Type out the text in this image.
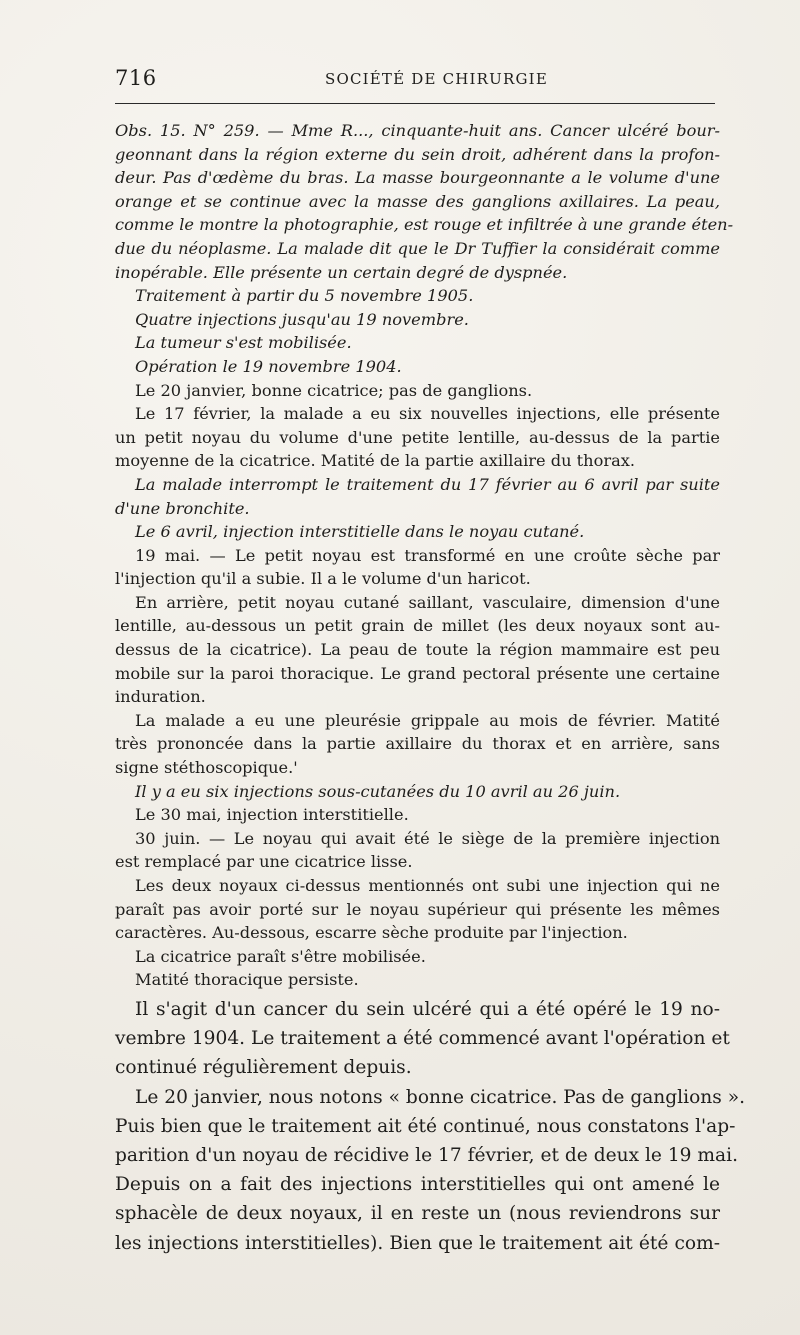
716	SOCIÉTÉ DE CHIRURGIE
Obs. 15. N° 259. — Mme R..., cinquante-huit ans. Cancer ulcéré bour-
geonnant dans la région externe du sein droit, adhérent dans la profon-
deur. Pas d'œdème du bras. La masse bourgeonnante a le volume d'une
orange et se continue avec la masse des ganglions axillaires. La peau,
comme le montre la photographie, est rouge et infiltrée à une grande éten-
due du néoplasme. La malade dit que le Dr Tuffier la considérait comme
inopérable. Elle présente un certain degré de dyspnée.
Traitement à partir du 5 novembre 1905.
Quatre injections jusqu'au 19 novembre.
La tumeur s'est mobilisée.
Opération le 19 novembre 1904.
Le 20 janvier, bonne cicatrice; pas de ganglions.
Le 17 février, la malade a eu six nouvelles injections, elle présente
un petit noyau du volume d'une petite lentille, au-dessus de la partie
moyenne de la cicatrice. Matité de la partie axillaire du thorax.
La malade interrompt le traitement du 17 février au 6 avril par suite
d'une bronchite.
Le 6 avril, injection interstitielle dans le noyau cutané.
19 mai. — Le petit noyau est transformé en une croûte sèche par
l'injection qu'il a subie. Il a le volume d'un haricot.
En arrière, petit noyau cutané saillant, vasculaire, dimension d'une
lentille, au-dessous un petit grain de millet (les deux noyaux sont au-
dessus de la cicatrice). La peau de toute la région mammaire est peu
mobile sur la paroi thoracique. Le grand pectoral présente une certaine
induration.
La malade a eu une pleurésie grippale au mois de février. Matité
très prononcée dans la partie axillaire du thorax et en arrière, sans
signe stéthoscopique.'
Il y a eu six injections sous-cutanées du 10 avril au 26 juin.
Le 30 mai, injection interstitielle.
30 juin. — Le noyau qui avait été le siège de la première injection
est remplacé par une cicatrice lisse.
Les deux noyaux ci-dessus mentionnés ont subi une injection qui ne
paraît pas avoir porté sur le noyau supérieur qui présente les mêmes
caractères. Au-dessous, escarre sèche produite par l'injection.
La cicatrice paraît s'être mobilisée.
Matité thoracique persiste.
Il s'agit d'un cancer du sein ulcéré qui a été opéré le 19 no-
vembre 1904. Le traitement a été commencé avant l'opération et
continué régulièrement depuis.
Le 20 janvier, nous notons « bonne cicatrice. Pas de ganglions ».
Puis bien que le traitement ait été continué, nous constatons l'ap-
parition d'un noyau de récidive le 17 février, et de deux le 19 mai.
Depuis on a fait des injections interstitielles qui ont amené le
sphacèle de deux noyaux, il en reste un (nous reviendrons sur
les injections interstitielles). Bien que le traitement ait été com-
